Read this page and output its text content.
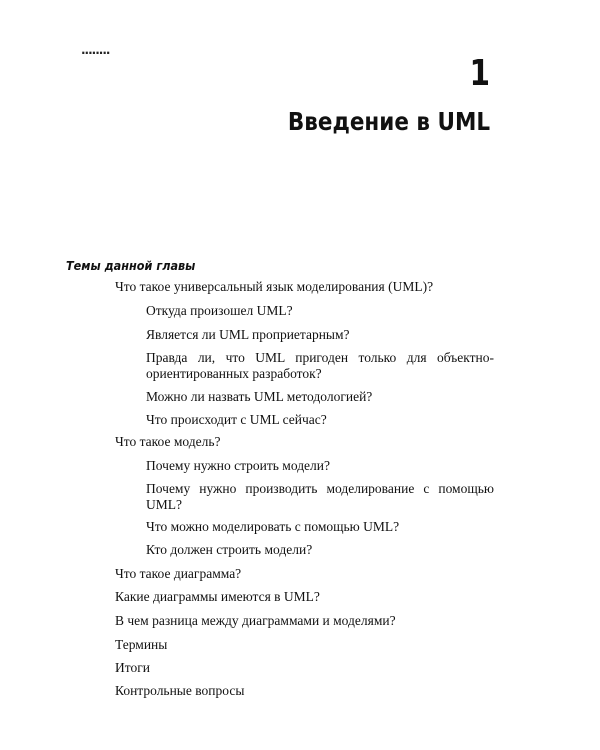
........
1
Введение в UML
Темы данной главы
Что такое универсальный язык моделирования (UML)?
Откуда произошел UML?
Является ли UML проприетарным?
Правда ли, что UML пригоден только для объектно-ориентированных разработок?
Можно ли назвать UML методологией?
Что происходит с UML сейчас?
Что такое модель?
Почему нужно строить модели?
Почему нужно производить моделирование с помощью UML?
Что можно моделировать с помощью UML?
Кто должен строить модели?
Что такое диаграмма?
Какие диаграммы имеются в UML?
В чем разница между диаграммами и моделями?
Термины
Итоги
Контрольные вопросы
